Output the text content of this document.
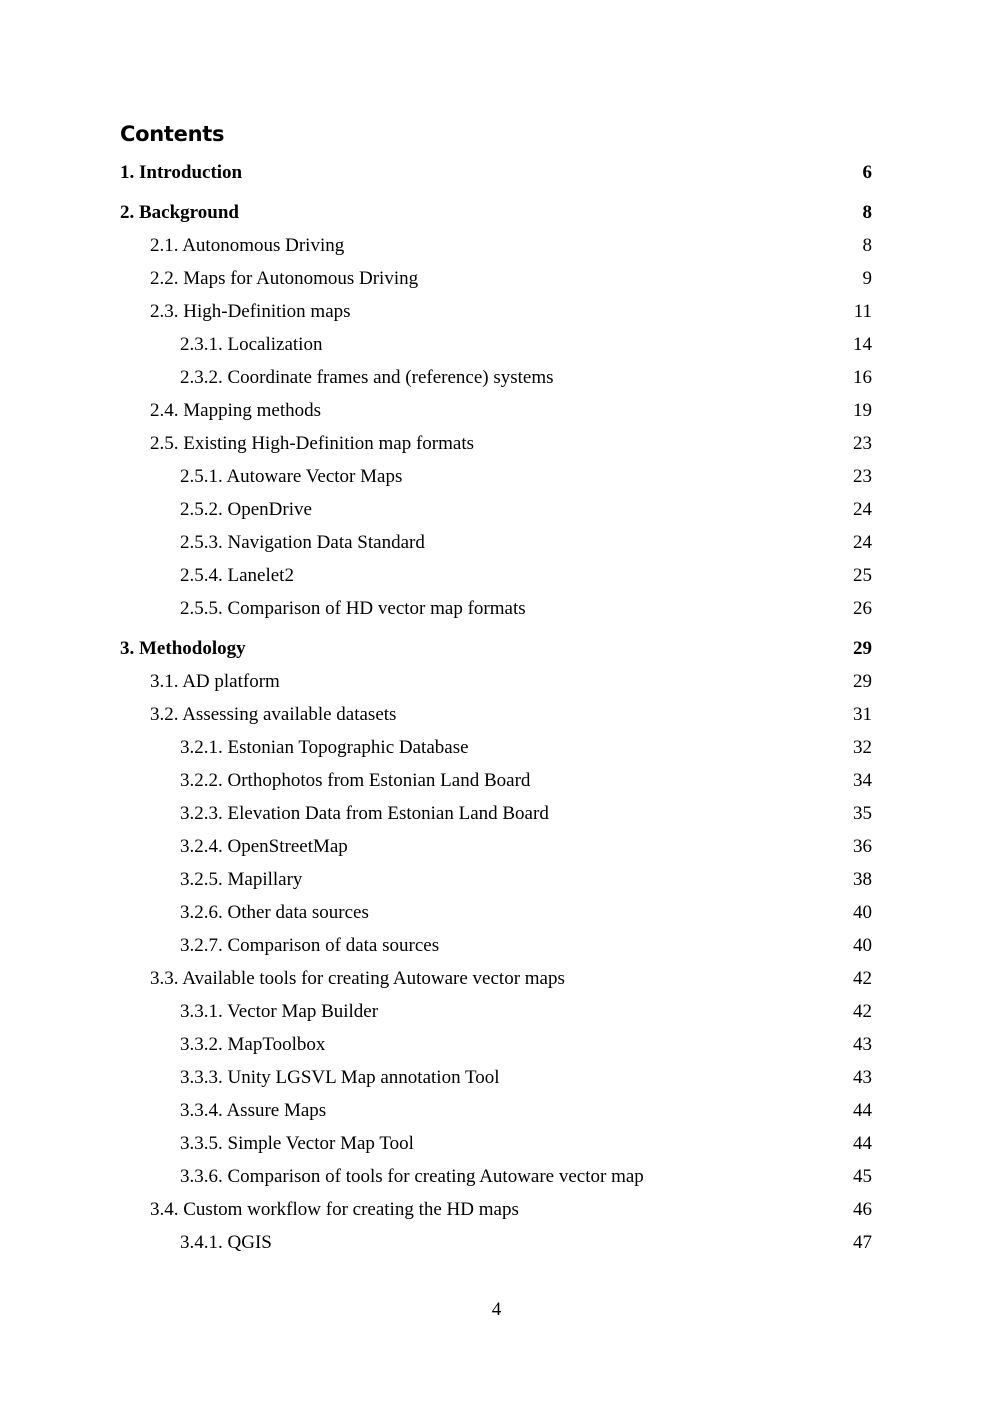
Contents
1. Introduction	6
2. Background	8
2.1. Autonomous Driving	8
2.2. Maps for Autonomous Driving	9
2.3. High-Definition maps	11
2.3.1. Localization	14
2.3.2. Coordinate frames and (reference) systems	16
2.4. Mapping methods	19
2.5. Existing High-Definition map formats	23
2.5.1. Autoware Vector Maps	23
2.5.2. OpenDrive	24
2.5.3. Navigation Data Standard	24
2.5.4. Lanelet2	25
2.5.5. Comparison of HD vector map formats	26
3. Methodology	29
3.1. AD platform	29
3.2. Assessing available datasets	31
3.2.1. Estonian Topographic Database	32
3.2.2. Orthophotos from Estonian Land Board	34
3.2.3. Elevation Data from Estonian Land Board	35
3.2.4. OpenStreetMap	36
3.2.5. Mapillary	38
3.2.6. Other data sources	40
3.2.7. Comparison of data sources	40
3.3. Available tools for creating Autoware vector maps	42
3.3.1. Vector Map Builder	42
3.3.2. MapToolbox	43
3.3.3. Unity LGSVL Map annotation Tool	43
3.3.4. Assure Maps	44
3.3.5. Simple Vector Map Tool	44
3.3.6. Comparison of tools for creating Autoware vector map	45
3.4. Custom workflow for creating the HD maps	46
3.4.1. QGIS	47
4
